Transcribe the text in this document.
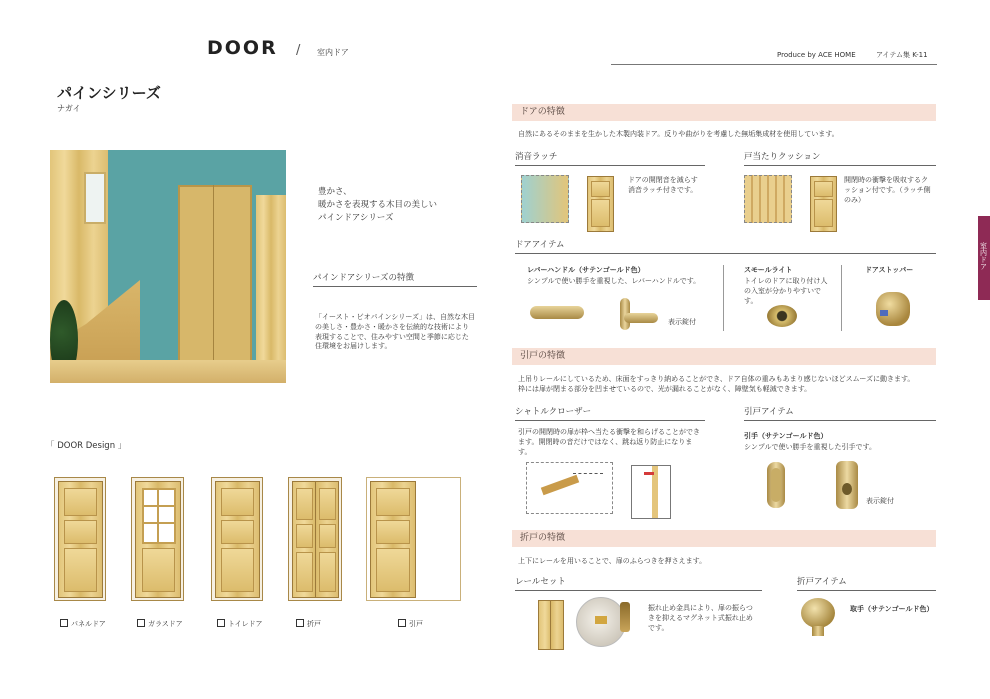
DOOR / 室内ドア	Produce by ACE HOME	アイテム集 K-11
室内ドア
パインシリーズ
ナガイ
豊かさ、
暖かさを表現する木目の美しい
パインドアシリーズ
パインドアシリーズの特徴
「イースト・ビオパインシリーズ」は、自然な木目の美しさ・豊かさ・暖かさを伝統的な技術により表現することで、住みやすい空間と季節に応じた住環境をお届けします。
「 DOOR Design 」
パネルドア	ガラスドア	トイレドア	折戸	引戸
ドアの特徴
自然にあるそのままを生かした木製内装ドア。反りや曲がりを考慮した無垢集成材を使用しています。
消音ラッチ
ドアの開閉音を減らす消音ラッチ付きです。
戸当たりクッション
開閉時の衝撃を吸収するクッション付です。（ラッチ側のみ）
ドアアイテム
レバーハンドル（サテンゴールド色）
シンプルで使い勝手を重視した、レバーハンドルです。
表示錠付
スモールライト
トイレのドアに取り付け人の入室が分かりやすいです。
ドアストッパー
引戸の特徴
上吊りレールにしているため、床面をすっきり納めることができ、ドア自体の重みもあまり感じないほどスムーズに動きます。
枠には扉が閉まる部分を凹ませているので、光が漏れることがなく、障壁気も軽減できます。
シャトルクローザー
引戸の開閉時の扉が枠へ当たる衝撃を和らげることができます。開閉時の音だけではなく、跳ね返り防止になります。
引戸アイテム
引手（サテンゴールド色）
シンプルで使い勝手を重視した引手です。
表示錠付
折戸の特徴
上下にレールを用いることで、扉のふらつきを押さえます。
レールセット
振れ止め金具により、扉の振らつきを抑えるマグネット式振れ止めです。
折戸アイテム
取手（サテンゴールド色）
